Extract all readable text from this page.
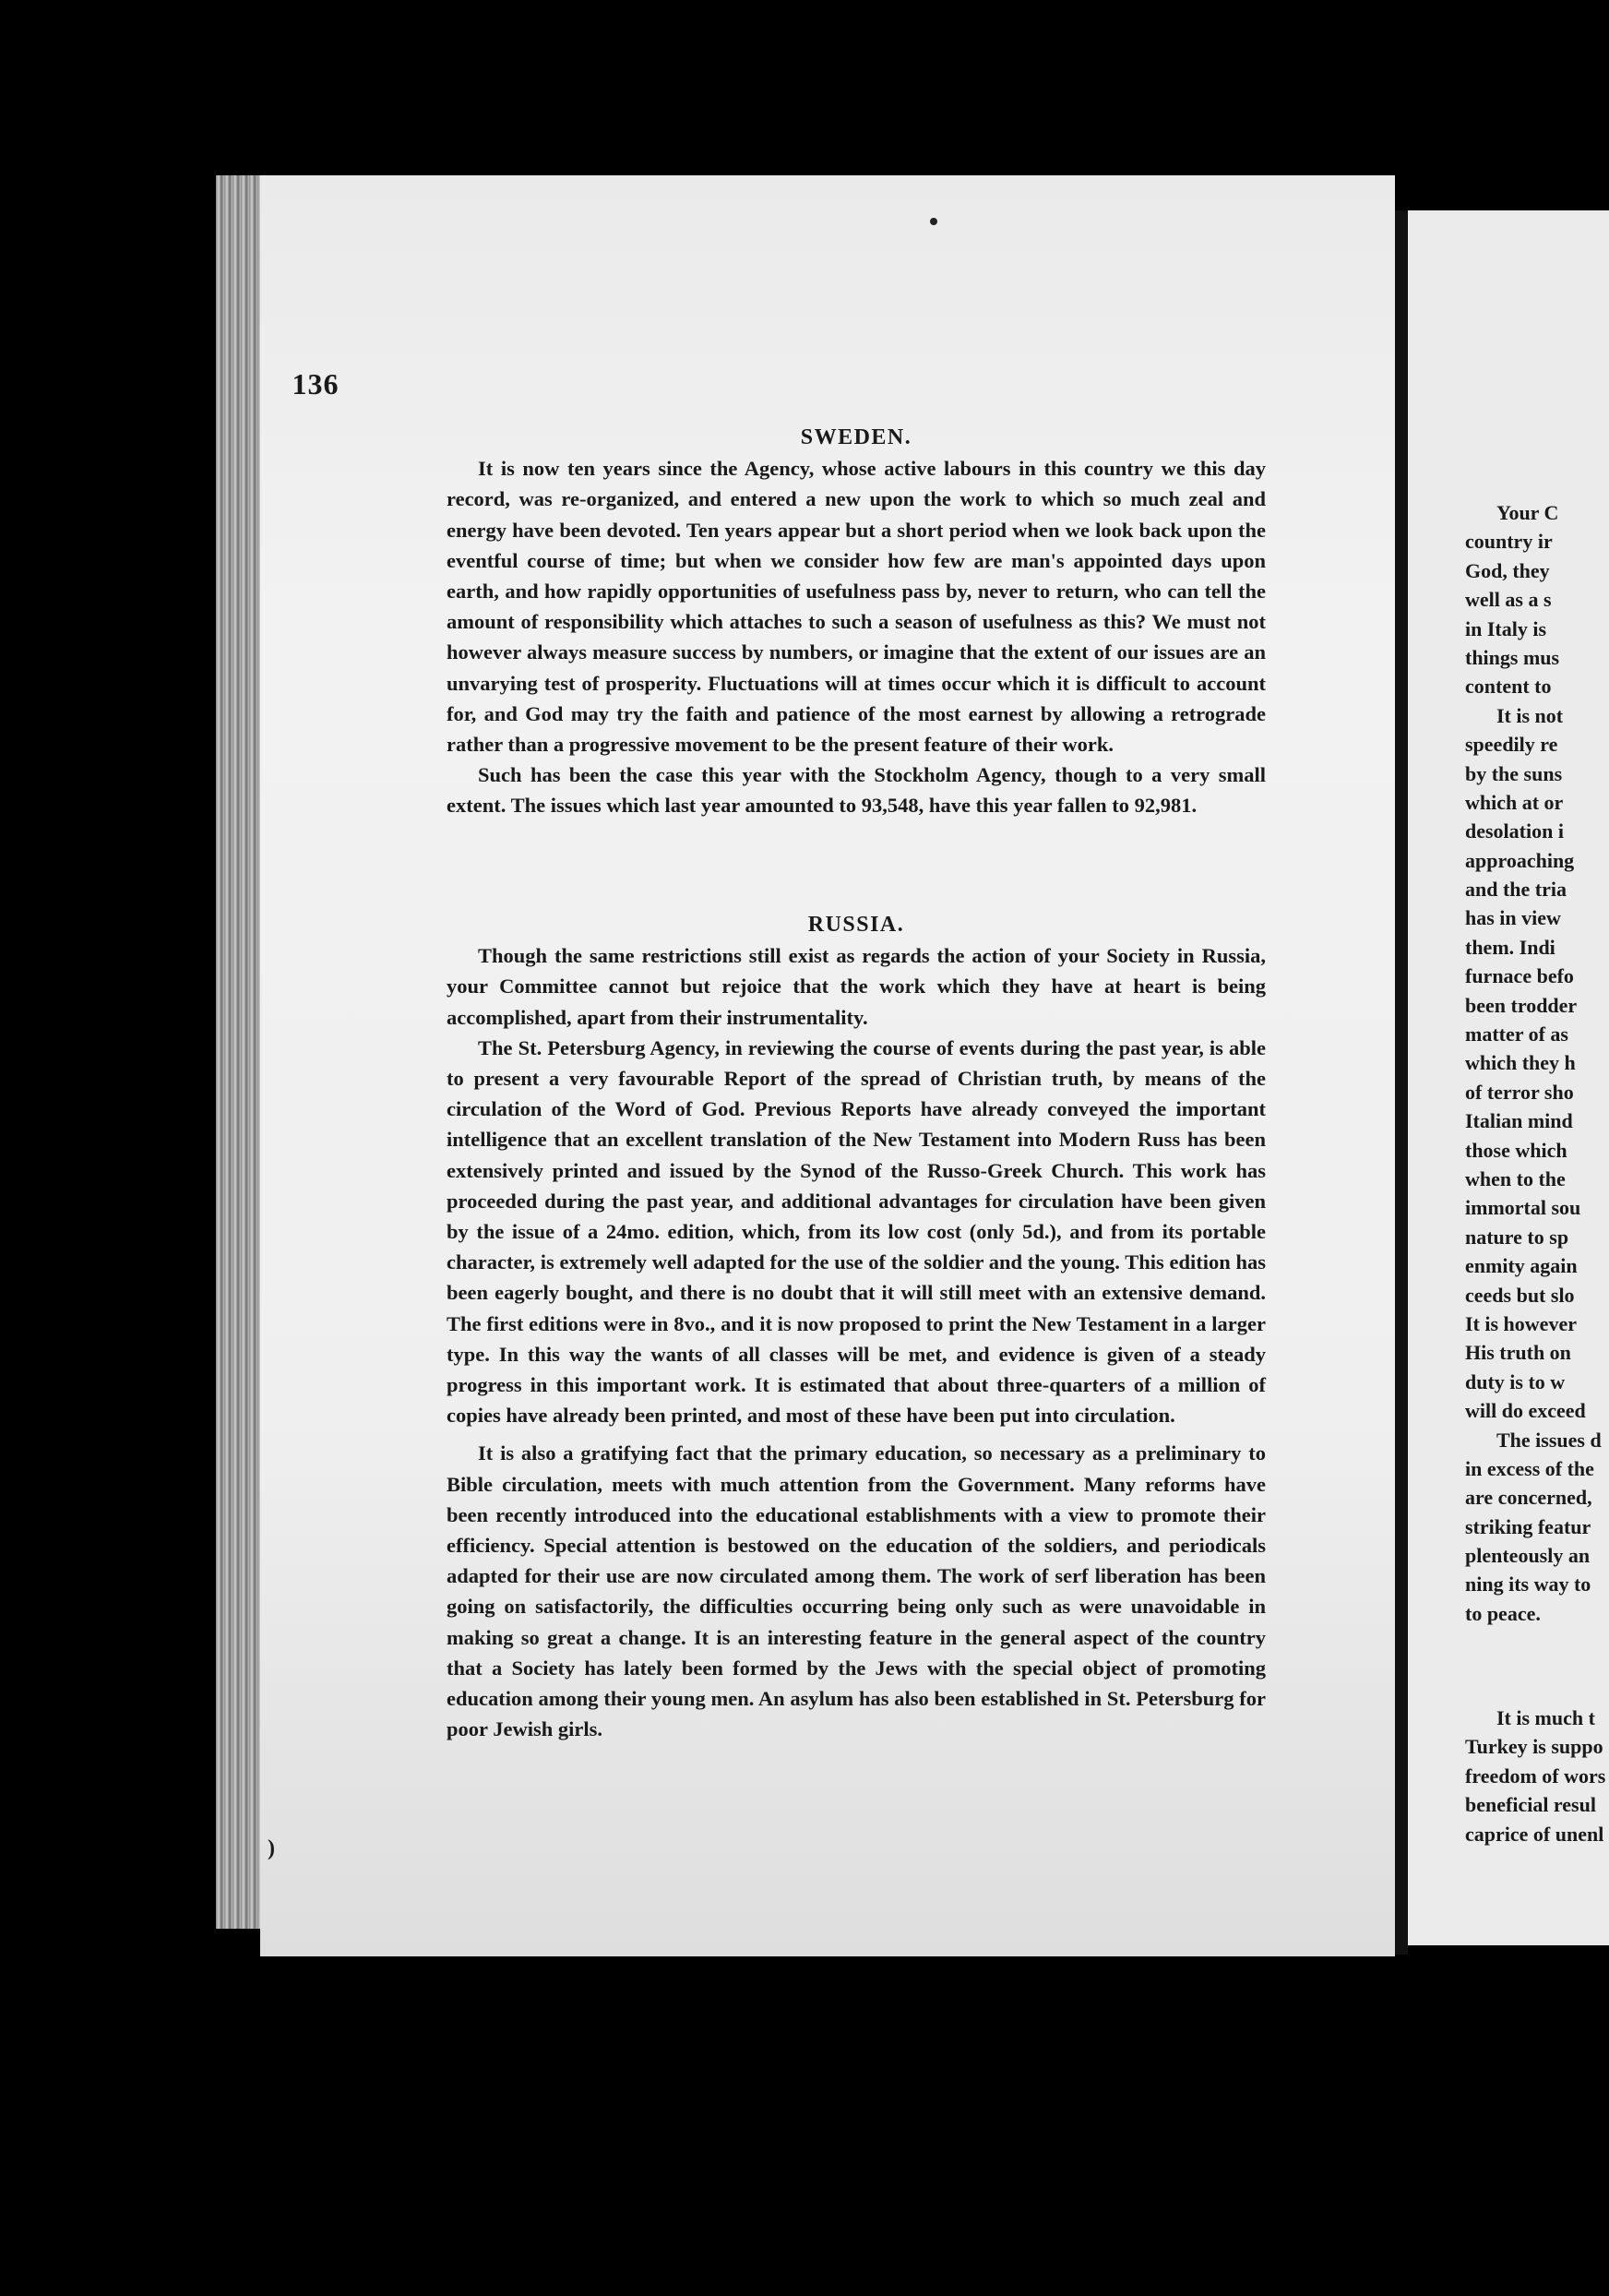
136

SWEDEN.

It is now ten years since the Agency, whose active labours in this country we this day record, was re-organized, and entered a new upon the work to which so much zeal and energy have been devoted. Ten years appear but a short period when we look back upon the eventful course of time; but when we consider how few are man's appointed days upon earth, and how rapidly opportunities of usefulness pass by, never to return, who can tell the amount of responsibility which attaches to such a season of usefulness as this? We must not however always measure success by numbers, or imagine that the extent of our issues are an unvarying test of prosperity. Fluctuations will at times occur which it is difficult to account for, and God may try the faith and patience of the most earnest by allowing a retrograde rather than a progressive movement to be the present feature of their work.

Such has been the case this year with the Stockholm Agency, though to a very small extent. The issues which last year amounted to 93,548, have this year fallen to 92,981.

RUSSIA.

Though the same restrictions still exist as regards the action of your Society in Russia, your Committee cannot but rejoice that the work which they have at heart is being accomplished, apart from their instrumentality.

The St. Petersburg Agency, in reviewing the course of events during the past year, is able to present a very favourable Report of the spread of Christian truth, by means of the circulation of the Word of God. Previous Reports have already conveyed the important intelligence that an excellent translation of the New Testament into Modern Russ has been extensively printed and issued by the Synod of the Russo-Greek Church. This work has proceeded during the past year, and additional advantages for circulation have been given by the issue of a 24mo. edition, which, from its low cost (only 5d.), and from its portable character, is extremely well adapted for the use of the soldier and the young. This edition has been eagerly bought, and there is no doubt that it will still meet with an extensive demand. The first editions were in 8vo., and it is now proposed to print the New Testament in a larger type. In this way the wants of all classes will be met, and evidence is given of a steady progress in this important work. It is estimated that about three-quarters of a million of copies have already been printed, and most of these have been put into circulation.

It is also a gratifying fact that the primary education, so necessary as a preliminary to Bible circulation, meets with much attention from the Government. Many reforms have been recently introduced into the educational establishments with a view to promote their efficiency. Special attention is bestowed on the education of the soldiers, and periodicals adapted for their use are now circulated among them. The work of serf liberation has been going on satisfactorily, the difficulties occurring being only such as were unavoidable in making so great a change. It is an interesting feature in the general aspect of the country that a Society has lately been formed by the Jews with the special object of promoting education among their young men. An asylum has also been established in St. Petersburg for poor Jewish girls.

)
Your C
country ir
God, they
well as a s
in Italy is
things mus
content to
It is not
speedily re
by the suns
which at or
desolation i
approaching
and the tria
has in view
them. Indi
furnace befo
been trodder
matter of as
which they h
of terror sho
Italian mind
those which
when to the
immortal sou
nature to sp
enmity again
ceeds but slo
It is however
His truth on
duty is to w
will do exceed
The issues d
in excess of the
are concerned,
striking featur
plenteously an
ning its way to
to peace.
It is much t
Turkey is suppo
freedom of wors
beneficial resul
caprice of unenl
